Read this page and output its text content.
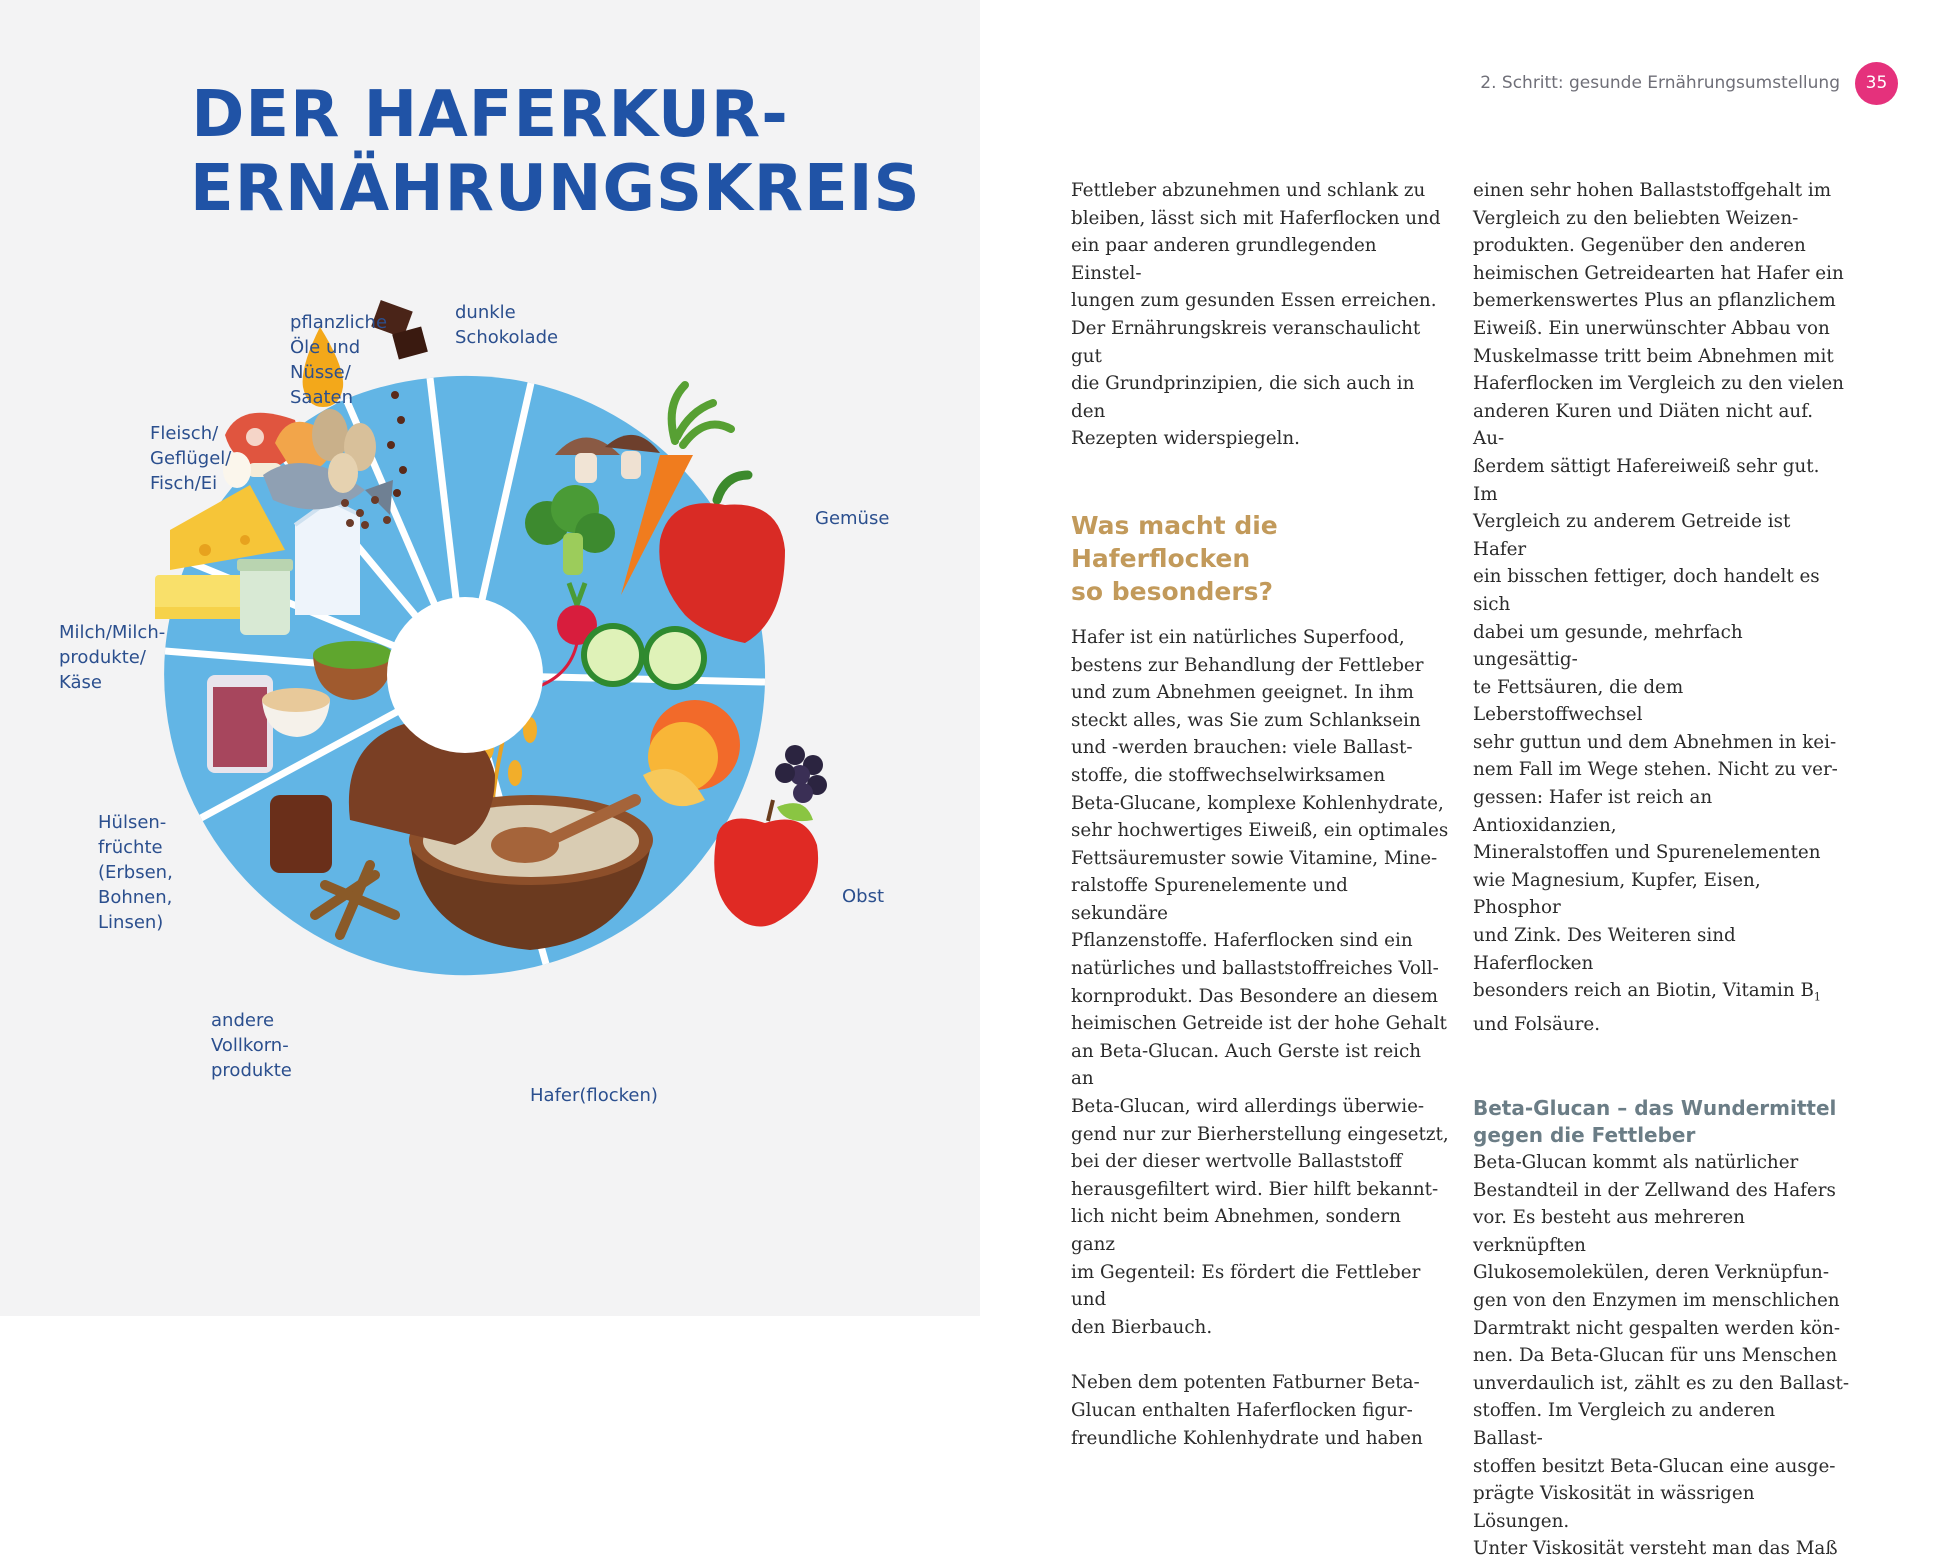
DER HAFERKUR-
ERNÄHRUNGSKREIS

Gemüse

Obst

Hafer(flocken)

andere
Vollkorn-
produkte

Hülsen-
früchte
(Erbsen,
Bohnen,
Linsen)

Milch/Milch-
produkte/
Käse

Fleisch/
Geflügel/
Fisch/Ei

pflanzliche
Öle und
Nüsse/
Saaten

dunkle
Schokolade

2. Schritt: gesunde Ernährungsumstellung	35

Fettleber abzunehmen und schlank zu
bleiben, lässt sich mit Haferflocken und
ein paar anderen grundlegenden Einstel-
lungen zum gesunden Essen erreichen.
Der Ernährungskreis veranschaulicht gut
die Grundprinzipien, die sich auch in den
Rezepten widerspiegeln.

Was macht die Haferflocken
so besonders?

Hafer ist ein natürliches Superfood,
bestens zur Behandlung der Fettleber
und zum Abnehmen geeignet. In ihm
steckt alles, was Sie zum Schlanksein
und -werden brauchen: viele Ballast-
stoffe, die stoffwechselwirksamen
Beta-Glucane, komplexe Kohlenhydrate,
sehr hochwertiges Eiweiß, ein optimales
Fettsäuremuster sowie Vitamine, Mine-
ralstoffe Spurenelemente und sekundäre
Pflanzenstoffe. Haferflocken sind ein
natürliches und ballaststoffreiches Voll-
kornprodukt. Das Besondere an diesem
heimischen Getreide ist der hohe Gehalt
an Beta-Glucan. Auch Gerste ist reich an
Beta-Glucan, wird allerdings überwie-
gend nur zur Bierherstellung eingesetzt,
bei der dieser wertvolle Ballaststoff
herausgefiltert wird. Bier hilft bekannt-
lich nicht beim Abnehmen, sondern ganz
im Gegenteil: Es fördert die Fettleber und
den Bierbauch.

Neben dem potenten Fatburner Beta-
Glucan enthalten Haferflocken figur-
freundliche Kohlenhydrate und haben

einen sehr hohen Ballaststoffgehalt im
Vergleich zu den beliebten Weizen-
produkten. Gegenüber den anderen
heimischen Getreidearten hat Hafer ein
bemerkenswertes Plus an pflanzlichem
Eiweiß. Ein unerwünschter Abbau von
Muskelmasse tritt beim Abnehmen mit
Haferflocken im Vergleich zu den vielen
anderen Kuren und Diäten nicht auf. Au-
ßerdem sättigt Hafereiweiß sehr gut. Im
Vergleich zu anderem Getreide ist Hafer
ein bisschen fettiger, doch handelt es sich
dabei um gesunde, mehrfach ungesättig-
te Fettsäuren, die dem Leberstoffwechsel
sehr guttun und dem Abnehmen in kei-
nem Fall im Wege stehen. Nicht zu ver-
gessen: Hafer ist reich an Antioxidanzien,
Mineralstoffen und Spurenelementen
wie Magnesium, Kupfer, Eisen, Phosphor
und Zink. Des Weiteren sind Haferflocken
besonders reich an Biotin, Vitamin $B_1$
und Folsäure.

Beta-Glucan – das Wundermittel
gegen die Fettleber

Beta-Glucan kommt als natürlicher
Bestandteil in der Zellwand des Hafers
vor. Es besteht aus mehreren verknüpften
Glukosemolekülen, deren Verknüpfun-
gen von den Enzymen im menschlichen
Darmtrakt nicht gespalten werden kön-
nen. Da Beta-Glucan für uns Menschen
unverdaulich ist, zählt es zu den Ballast-
stoffen. Im Vergleich zu anderen Ballast-
stoffen besitzt Beta-Glucan eine ausge-
prägte Viskosität in wässrigen Lösungen.
Unter Viskosität versteht man das Maß
